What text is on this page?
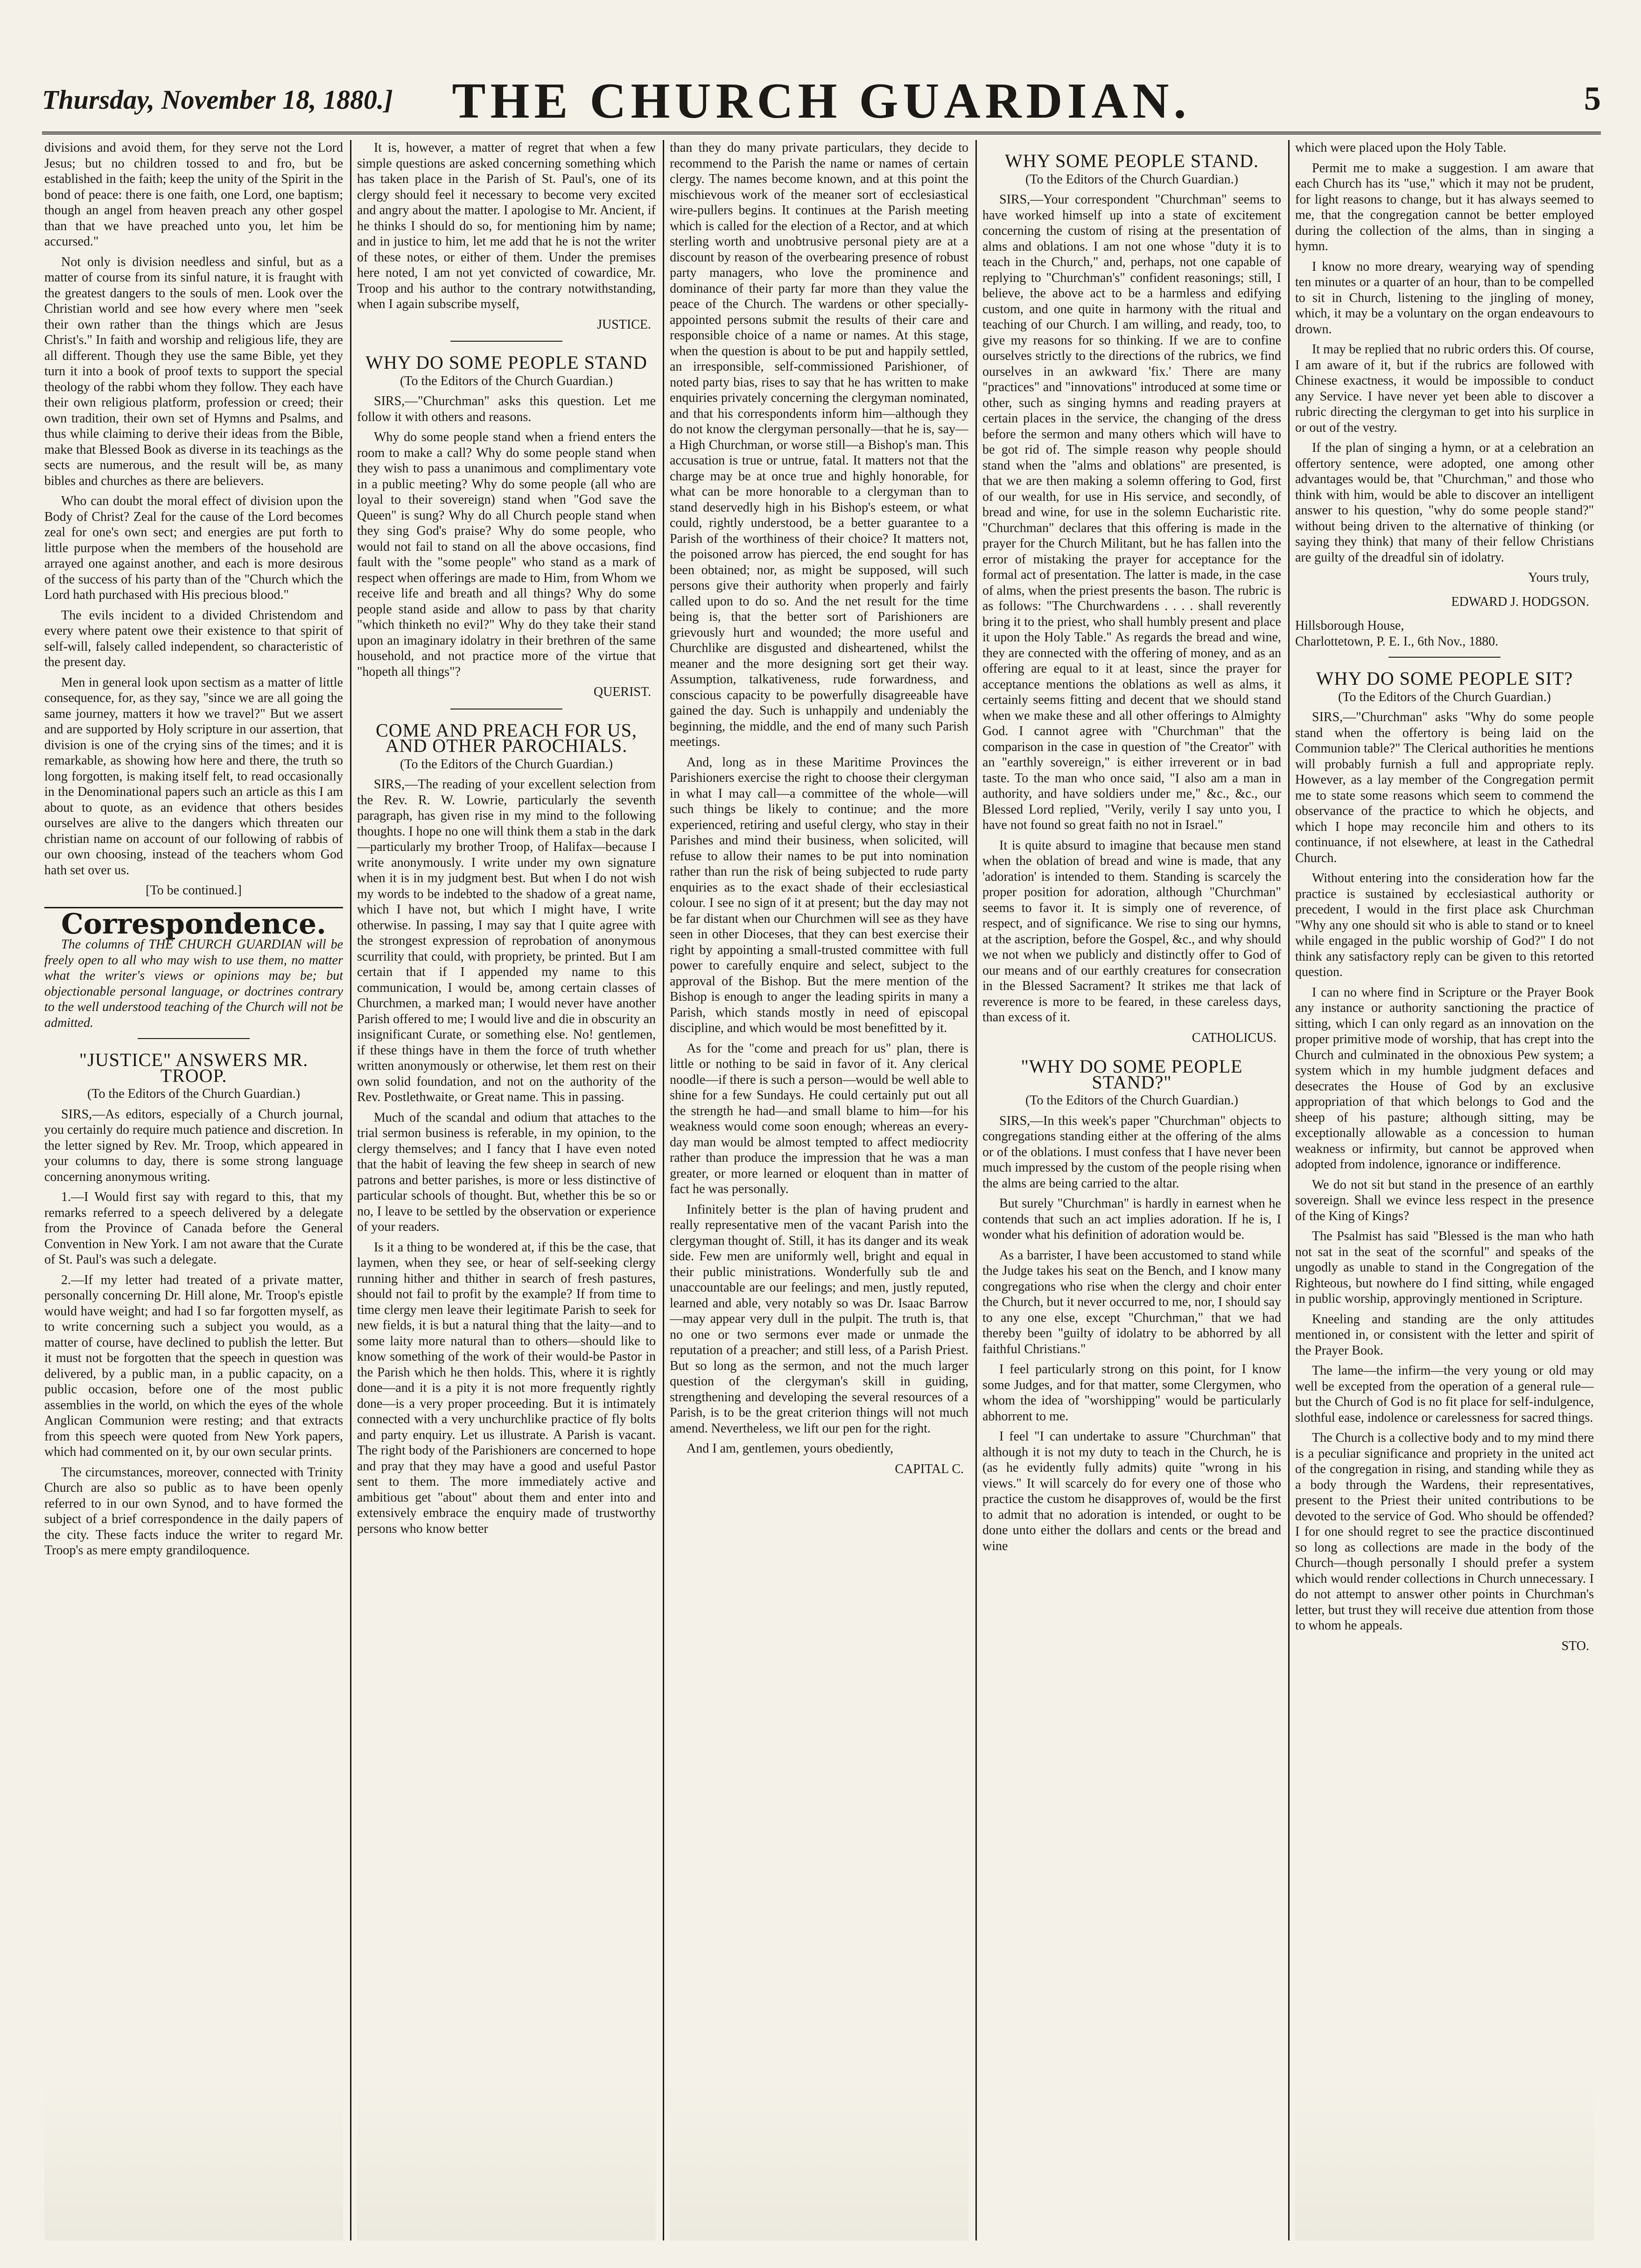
Thursday, November 18, 1880.]	THE CHURCH GUARDIAN.	5

divisions and avoid them, for they serve not the Lord Jesus; but no children tossed to and fro, but be established in the faith; keep the unity of the Spirit in the bond of peace: there is one faith, one Lord, one baptism; though an angel from heaven preach any other gospel than that we have preached unto you, let him be accursed."

Not only is division needless and sinful, but as a matter of course from its sinful nature, it is fraught with the greatest dangers to the souls of men. Look over the Christian world and see how every where men "seek their own rather than the things which are Jesus Christ's." In faith and worship and religious life, they are all different. Though they use the same Bible, yet they turn it into a book of proof texts to support the special theology of the rabbi whom they follow. They each have their own religious platform, profession or creed; their own tradition, their own set of Hymns and Psalms, and thus while claiming to derive their ideas from the Bible, make that Blessed Book as diverse in its teachings as the sects are numerous, and the result will be, as many bibles and churches as there are believers.

Who can doubt the moral effect of division upon the Body of Christ? Zeal for the cause of the Lord becomes zeal for one's own sect; and energies are put forth to little purpose when the members of the household are arrayed one against another, and each is more desirous of the success of his party than of the "Church which the Lord hath purchased with His precious blood."

The evils incident to a divided Christendom and every where patent owe their existence to that spirit of self-will, falsely called independent, so characteristic of the present day.

Men in general look upon sectism as a matter of little consequence, for, as they say, "since we are all going the same journey, matters it how we travel?" But we assert and are supported by Holy scripture in our assertion, that division is one of the crying sins of the times; and it is remarkable, as showing how here and there, the truth so long forgotten, is making itself felt, to read occasionally in the Denominational papers such an article as this I am about to quote, as an evidence that others besides ourselves are alive to the dangers which threaten our christian name on account of our following of rabbis of our own choosing, instead of the teachers whom God hath set over us.

[To be continued.]
Correspondence.

The columns of THE CHURCH GUARDIAN will be freely open to all who may wish to use them, no matter what the writer's views or opinions may be; but objectionable personal language, or doctrines contrary to the well understood teaching of the Church will not be admitted.

"JUSTICE" ANSWERS MR. TROOP.
(To the Editors of the Church Guardian.)

SIRS,—As editors, especially of a Church journal, you certainly do require much patience and discretion. In the letter signed by Rev. Mr. Troop, which appeared in your columns to day, there is some strong language concerning anonymous writing.

1.—I Would first say with regard to this, that my remarks referred to a speech delivered by a delegate from the Province of Canada before the General Convention in New York. I am not aware that the Curate of St. Paul's was such a delegate.

2.—If my letter had treated of a private matter, personally concerning Dr. Hill alone, Mr. Troop's epistle would have weight; and had I so far forgotten myself, as to write concerning such a subject you would, as a matter of course, have declined to publish the letter. But it must not be forgotten that the speech in question was delivered, by a public man, in a public capacity, on a public occasion, before one of the most public assemblies in the world, on which the eyes of the whole Anglican Communion were resting; and that extracts from this speech were quoted from New York papers, which had commented on it, by our own secular prints.

The circumstances, moreover, connected with Trinity Church are also so public as to have been openly referred to in our own Synod, and to have formed the subject of a brief correspondence in the daily papers of the city. These facts induce the writer to regard Mr. Troop's as mere empty grandiloquence.

It is, however, a matter of regret that when a few simple questions are asked concerning something which has taken place in the Parish of St. Paul's, one of its clergy should feel it necessary to become very excited and angry about the matter. I apologise to Mr. Ancient, if he thinks I should do so, for mentioning him by name; and in justice to him, let me add that he is not the writer of these notes, or either of them. Under the premises here noted, I am not yet convicted of cowardice, Mr. Troop and his author to the contrary notwithstanding, when I again subscribe myself,

JUSTICE.
WHY DO SOME PEOPLE STAND
(To the Editors of the Church Guardian.)

SIRS,—"Churchman" asks this question. Let me follow it with others and reasons.

Why do some people stand when a friend enters the room to make a call? Why do some people stand when they wish to pass a unanimous and complimentary vote in a public meeting? Why do some people (all who are loyal to their sovereign) stand when "God save the Queen" is sung? Why do all Church people stand when they sing God's praise? Why do some people, who would not fail to stand on all the above occasions, find fault with the "some people" who stand as a mark of respect when offerings are made to Him, from Whom we receive life and breath and all things? Why do some people stand aside and allow to pass by that charity "which thinketh no evil?" Why do they take their stand upon an imaginary idolatry in their brethren of the same household, and not practice more of the virtue that "hopeth all things"?

QUERIST.
COME AND PREACH FOR US, AND OTHER PAROCHIALS.
(To the Editors of the Church Guardian.)

SIRS,—The reading of your excellent selection from the Rev. R. W. Lowrie, particularly the seventh paragraph, has given rise in my mind to the following thoughts. I hope no one will think them a stab in the dark—particularly my brother Troop, of Halifax—because I write anonymously. I write under my own signature when it is in my judgment best. But when I do not wish my words to be indebted to the shadow of a great name, which I have not, but which I might have, I write otherwise. In passing, I may say that I quite agree with the strongest expression of reprobation of anonymous scurrility that could, with propriety, be printed. But I am certain that if I appended my name to this communication, I would be, among certain classes of Churchmen, a marked man; I would never have another Parish offered to me; I would live and die in obscurity an insignificant Curate, or something else. No! gentlemen, if these things have in them the force of truth whether written anonymously or otherwise, let them rest on their own solid foundation, and not on the authority of the Rev. Postlethwaite, or Great name. This in passing.

Much of the scandal and odium that attaches to the trial sermon business is referable, in my opinion, to the clergy themselves; and I fancy that I have even noted that the habit of leaving the few sheep in search of new patrons and better parishes, is more or less distinctive of particular schools of thought. But, whether this be so or no, I leave to be settled by the observation or experience of your readers.

Is it a thing to be wondered at, if this be the case, that laymen, when they see, or hear of self-seeking clergy running hither and thither in search of fresh pastures, should not fail to profit by the example? If from time to time clergy men leave their legitimate Parish to seek for new fields, it is but a natural thing that the laity—and to some laity more natural than to others—should like to know something of the work of their would-be Pastor in the Parish which he then holds. This, where it is rightly done—and it is a pity it is not more frequently rightly done—is a very proper proceeding. But it is intimately connected with a very unchurchlike practice of fly bolts and party enquiry. Let us illustrate. A Parish is vacant. The right body of the Parishioners are concerned to hope and pray that they may have a good and useful Pastor sent to them. The more immediately active and ambitious get "about" about them and enter into and extensively embrace the enquiry made of trustworthy persons who know better

than they do many private particulars, they decide to recommend to the Parish the name or names of certain clergy. The names become known, and at this point the mischievous work of the meaner sort of ecclesiastical wire-pullers begins. It continues at the Parish meeting which is called for the election of a Rector, and at which sterling worth and unobtrusive personal piety are at a discount by reason of the overbearing presence of robust party managers, who love the prominence and dominance of their party far more than they value the peace of the Church. The wardens or other specially-appointed persons submit the results of their care and responsible choice of a name or names. At this stage, when the question is about to be put and happily settled, an irresponsible, self-commissioned Parishioner, of noted party bias, rises to say that he has written to make enquiries privately concerning the clergyman nominated, and that his correspondents inform him—although they do not know the clergyman personally—that he is, say—a High Churchman, or worse still—a Bishop's man. This accusation is true or untrue, fatal. It matters not that the charge may be at once true and highly honorable, for what can be more honorable to a clergyman than to stand deservedly high in his Bishop's esteem, or what could, rightly understood, be a better guarantee to a Parish of the worthiness of their choice? It matters not, the poisoned arrow has pierced, the end sought for has been obtained; nor, as might be supposed, will such persons give their authority when properly and fairly called upon to do so. And the net result for the time being is, that the better sort of Parishioners are grievously hurt and wounded; the more useful and Churchlike are disgusted and disheartened, whilst the meaner and the more designing sort get their way. Assumption, talkativeness, rude forwardness, and conscious capacity to be powerfully disagreeable have gained the day. Such is unhappily and undeniably the beginning, the middle, and the end of many such Parish meetings.

And, long as in these Maritime Provinces the Parishioners exercise the right to choose their clergyman in what I may call—a committee of the whole—will such things be likely to continue; and the more experienced, retiring and useful clergy, who stay in their Parishes and mind their business, when solicited, will refuse to allow their names to be put into nomination rather than run the risk of being subjected to rude party enquiries as to the exact shade of their ecclesiastical colour. I see no sign of it at present; but the day may not be far distant when our Churchmen will see as they have seen in other Dioceses, that they can best exercise their right by appointing a small-trusted committee with full power to carefully enquire and select, subject to the approval of the Bishop. But the mere mention of the Bishop is enough to anger the leading spirits in many a Parish, which stands mostly in need of episcopal discipline, and which would be most benefitted by it.

As for the "come and preach for us" plan, there is little or nothing to be said in favor of it. Any clerical noodle—if there is such a person—would be well able to shine for a few Sundays. He could certainly put out all the strength he had—and small blame to him—for his weakness would come soon enough; whereas an every-day man would be almost tempted to affect mediocrity rather than produce the impression that he was a man greater, or more learned or eloquent than in matter of fact he was personally.

Infinitely better is the plan of having prudent and really representative men of the vacant Parish into the clergyman thought of. Still, it has its danger and its weak side. Few men are uniformly well, bright and equal in their public ministrations. Wonderfully sub tle and unaccountable are our feelings; and men, justly reputed, learned and able, very notably so was Dr. Isaac Barrow—may appear very dull in the pulpit. The truth is, that no one or two sermons ever made or unmade the reputation of a preacher; and still less, of a Parish Priest. But so long as the sermon, and not the much larger question of the clergyman's skill in guiding, strengthening and developing the several resources of a Parish, is to be the great criterion things will not much amend. Nevertheless, we lift our pen for the right.

And I am, gentlemen, yours obediently,

CAPITAL C.

which were placed upon the Holy Table.

Permit me to make a suggestion. I am aware that each Church has its "use," which it may not be prudent, for light reasons to change, but it has always seemed to me, that the congregation cannot be better employed during the collection of the alms, than in singing a hymn.

I know no more dreary, wearying way of spending ten minutes or a quarter of an hour, than to be compelled to sit in Church, listening to the jingling of money, which, it may be a voluntary on the organ endeavours to drown.

It may be replied that no rubric orders this. Of course, I am aware of it, but if the rubrics are followed with Chinese exactness, it would be impossible to conduct any Service. I have never yet been able to discover a rubric directing the clergyman to get into his surplice in or out of the vestry.

If the plan of singing a hymn, or at a celebration an offertory sentence, were adopted, one among other advantages would be, that "Churchman," and those who think with him, would be able to discover an intelligent answer to his question, "why do some people stand?" without being driven to the alternative of thinking (or saying they think) that many of their fellow Christians are guilty of the dreadful sin of idolatry.

Yours truly,
EDWARD J. HODGSON.

Hillsborough House,

Charlottetown, P. E. I., 6th Nov., 1880.

WHY DO SOME PEOPLE SIT?
(To the Editors of the Church Guardian.)

SIRS,—"Churchman" asks "Why do some people stand when the offertory is being laid on the Communion table?" The Clerical authorities he mentions will probably furnish a full and appropriate reply. However, as a lay member of the Congregation permit me to state some reasons which seem to commend the observance of the practice to which he objects, and which I hope may reconcile him and others to its continuance, if not elsewhere, at least in the Cathedral Church.

Without entering into the consideration how far the practice is sustained by ecclesiastical authority or precedent, I would in the first place ask Churchman "Why any one should sit who is able to stand or to kneel while engaged in the public worship of God?" I do not think any satisfactory reply can be given to this retorted question.

I can no where find in Scripture or the Prayer Book any instance or authority sanctioning the practice of sitting, which I can only regard as an innovation on the proper primitive mode of worship, that has crept into the Church and culminated in the obnoxious Pew system; a system which in my humble judgment defaces and desecrates the House of God by an exclusive appropriation of that which belongs to God and the sheep of his pasture; although sitting, may be exceptionally allowable as a concession to human weakness or infirmity, but cannot be approved when adopted from indolence, ignorance or indifference.

We do not sit but stand in the presence of an earthly sovereign. Shall we evince less respect in the presence of the King of Kings?

The Psalmist has said "Blessed is the man who hath not sat in the seat of the scornful" and speaks of the ungodly as unable to stand in the Congregation of the Righteous, but nowhere do I find sitting, while engaged in public worship, approvingly mentioned in Scripture.

Kneeling and standing are the only attitudes mentioned in, or consistent with the letter and spirit of the Prayer Book.

The lame—the infirm—the very young or old may well be excepted from the operation of a general rule—but the Church of God is no fit place for self-indulgence, slothful ease, indolence or carelessness for sacred things.

The Church is a collective body and to my mind there is a peculiar significance and propriety in the united act of the congregation in rising, and standing while they as a body through the Wardens, their representatives, present to the Priest their united contributions to be devoted to the service of God. Who should be offended? I for one should regret to see the practice discontinued so long as collections are made in the body of the Church—though personally I should prefer a system which would render collections in Church unnecessary. I do not attempt to answer other points in Churchman's letter, but trust they will receive due attention from those to whom he appeals.

STO.
WHY SOME PEOPLE STAND.
(To the Editors of the Church Guardian.)

SIRS,—Your correspondent "Churchman" seems to have worked himself up into a state of excitement concerning the custom of rising at the presentation of alms and oblations. I am not one whose "duty it is to teach in the Church," and, perhaps, not one capable of replying to "Churchman's" confident reasonings; still, I believe, the above act to be a harmless and edifying custom, and one quite in harmony with the ritual and teaching of our Church. I am willing, and ready, too, to give my reasons for so thinking. If we are to confine ourselves strictly to the directions of the rubrics, we find ourselves in an awkward 'fix.' There are many "practices" and "innovations" introduced at some time or other, such as singing hymns and reading prayers at certain places in the service, the changing of the dress before the sermon and many others which will have to be got rid of. The simple reason why people should stand when the "alms and oblations" are presented, is that we are then making a solemn offering to God, first of our wealth, for use in His service, and secondly, of bread and wine, for use in the solemn Eucharistic rite. "Churchman" declares that this offering is made in the prayer for the Church Militant, but he has fallen into the error of mistaking the prayer for acceptance for the formal act of presentation. The latter is made, in the case of alms, when the priest presents the bason. The rubric is as follows: "The Churchwardens . . . . shall reverently bring it to the priest, who shall humbly present and place it upon the Holy Table." As regards the bread and wine, they are connected with the offering of money, and as an offering are equal to it at least, since the prayer for acceptance mentions the oblations as well as alms, it certainly seems fitting and decent that we should stand when we make these and all other offerings to Almighty God. I cannot agree with "Churchman" that the comparison in the case in question of "the Creator" with an "earthly sovereign," is either irreverent or in bad taste. To the man who once said, "I also am a man in authority, and have soldiers under me," &c., &c., our Blessed Lord replied, "Verily, verily I say unto you, I have not found so great faith no not in Israel."

It is quite absurd to imagine that because men stand when the oblation of bread and wine is made, that any 'adoration' is intended to them. Standing is scarcely the proper position for adoration, although "Churchman" seems to favor it. It is simply one of reverence, of respect, and of significance. We rise to sing our hymns, at the ascription, before the Gospel, &c., and why should we not when we publicly and distinctly offer to God of our means and of our earthly creatures for consecration in the Blessed Sacrament? It strikes me that lack of reverence is more to be feared, in these careless days, than excess of it.

CATHOLICUS.
"WHY DO SOME PEOPLE STAND?"
(To the Editors of the Church Guardian.)

SIRS,—In this week's paper "Churchman" objects to congregations standing either at the offering of the alms or of the oblations. I must confess that I have never been much impressed by the custom of the people rising when the alms are being carried to the altar.

But surely "Churchman" is hardly in earnest when he contends that such an act implies adoration. If he is, I wonder what his definition of adoration would be.

As a barrister, I have been accustomed to stand while the Judge takes his seat on the Bench, and I know many congregations who rise when the clergy and choir enter the Church, but it never occurred to me, nor, I should say to any one else, except "Churchman," that we had thereby been "guilty of idolatry to be abhorred by all faithful Christians."

I feel particularly strong on this point, for I know some Judges, and for that matter, some Clergymen, who whom the idea of "worshipping" would be particularly abhorrent to me.

I feel "I can undertake to assure "Churchman" that although it is not my duty to teach in the Church, he is (as he evidently fully admits) quite "wrong in his views." It will scarcely do for every one of those who practice the custom he disapproves of, would be the first to admit that no adoration is intended, or ought to be done unto either the dollars and cents or the bread and wine
